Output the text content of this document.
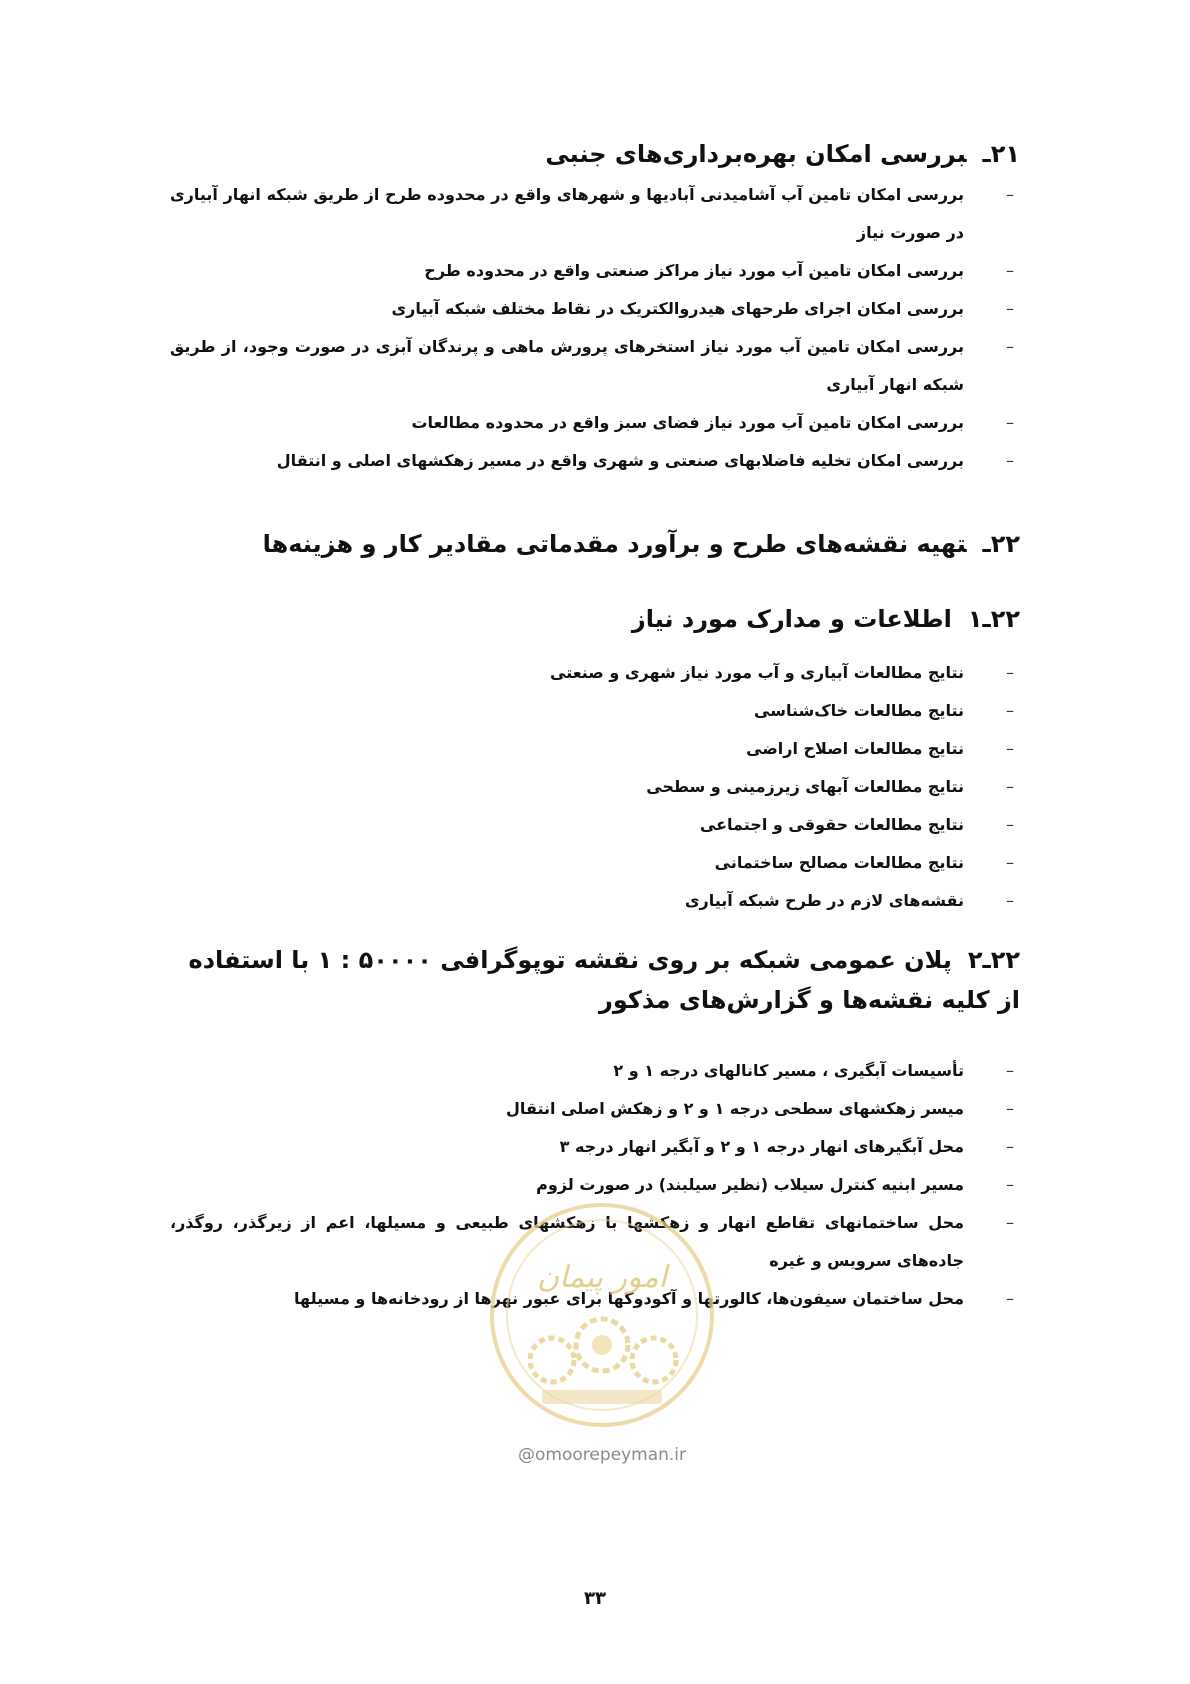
۲۱ـبررسی امکان بهره‌برداری‌های جنبی
–
بررسی امکان تامین آب آشامیدنی آبادیها و شهرهای واقع در محدوده طرح از طریق شبکه انهار آبیاری در صورت نیاز
–
بررسی امکان تامین آب مورد نیاز مراکز صنعتی واقع در محدوده طرح
–
بررسی امکان اجرای طرحهای هیدروالکتریک در نقاط مختلف شبکه آبیاری
–
بررسی امکان تامین آب مورد نیاز استخرهای پرورش ماهی و پرندگان آبزی در صورت وجود، از طریق شبکه انهار آبیاری
–
بررسی امکان تامین آب مورد نیاز فضای سبز واقع در محدوده مطالعات
–
بررسی امکان تخلیه فاضلابهای صنعتی و شهری واقع در مسیر زهکشهای اصلی و انتقال
۲۲ـتهیه نقشه‌های طرح و برآورد مقدماتی مقادیر کار و هزینه‌ها
۲۲ـ۱اطلاعات و مدارک مورد نیاز
–
نتایج مطالعات آبیاری و آب مورد نیاز شهری و صنعتی
–
نتایج مطالعات خاک‌شناسی
–
نتایج مطالعات اصلاح اراضی
–
نتایج مطالعات آبهای زیرزمینی و سطحی
–
نتایج مطالعات حقوقی و اجتماعی
–
نتایج مطالعات مصالح ساختمانی
–
نقشه‌های لازم در طرح شبکه آبیاری
۲۲ـ۲پلان عمومی شبکه بر روی نقشه توپوگرافی ۵۰۰۰۰ : ۱ با استفاده از کلیه نقشه‌ها و گزارش‌های مذکور
–
تأسیسات آبگیری ، مسیر کانالهای درجه ۱ و ۲
–
میسر زهکشهای سطحی درجه ۱ و ۲ و زهکش اصلی انتقال
–
محل آبگیرهای انهار درجه ۱ و ۲ و آبگیر انهار درجه ۳
–
مسیر ابنیه کنترل سیلاب (نظیر سیلبند) در صورت لزوم
–
محل ساختمانهای تقاطع انهار و زهکشها با زهکشهای طبیعی و مسیلها، اعم از زیرگذر، روگذر، جاده‌های سرویس و غیره
–
محل ساختمان سیفون‌ها، کالورتها و آکودوکها برای عبور نهرها از رودخانه‌ها و مسیلها
امور پیمان
@omoorepeyman.ir
۳۳
